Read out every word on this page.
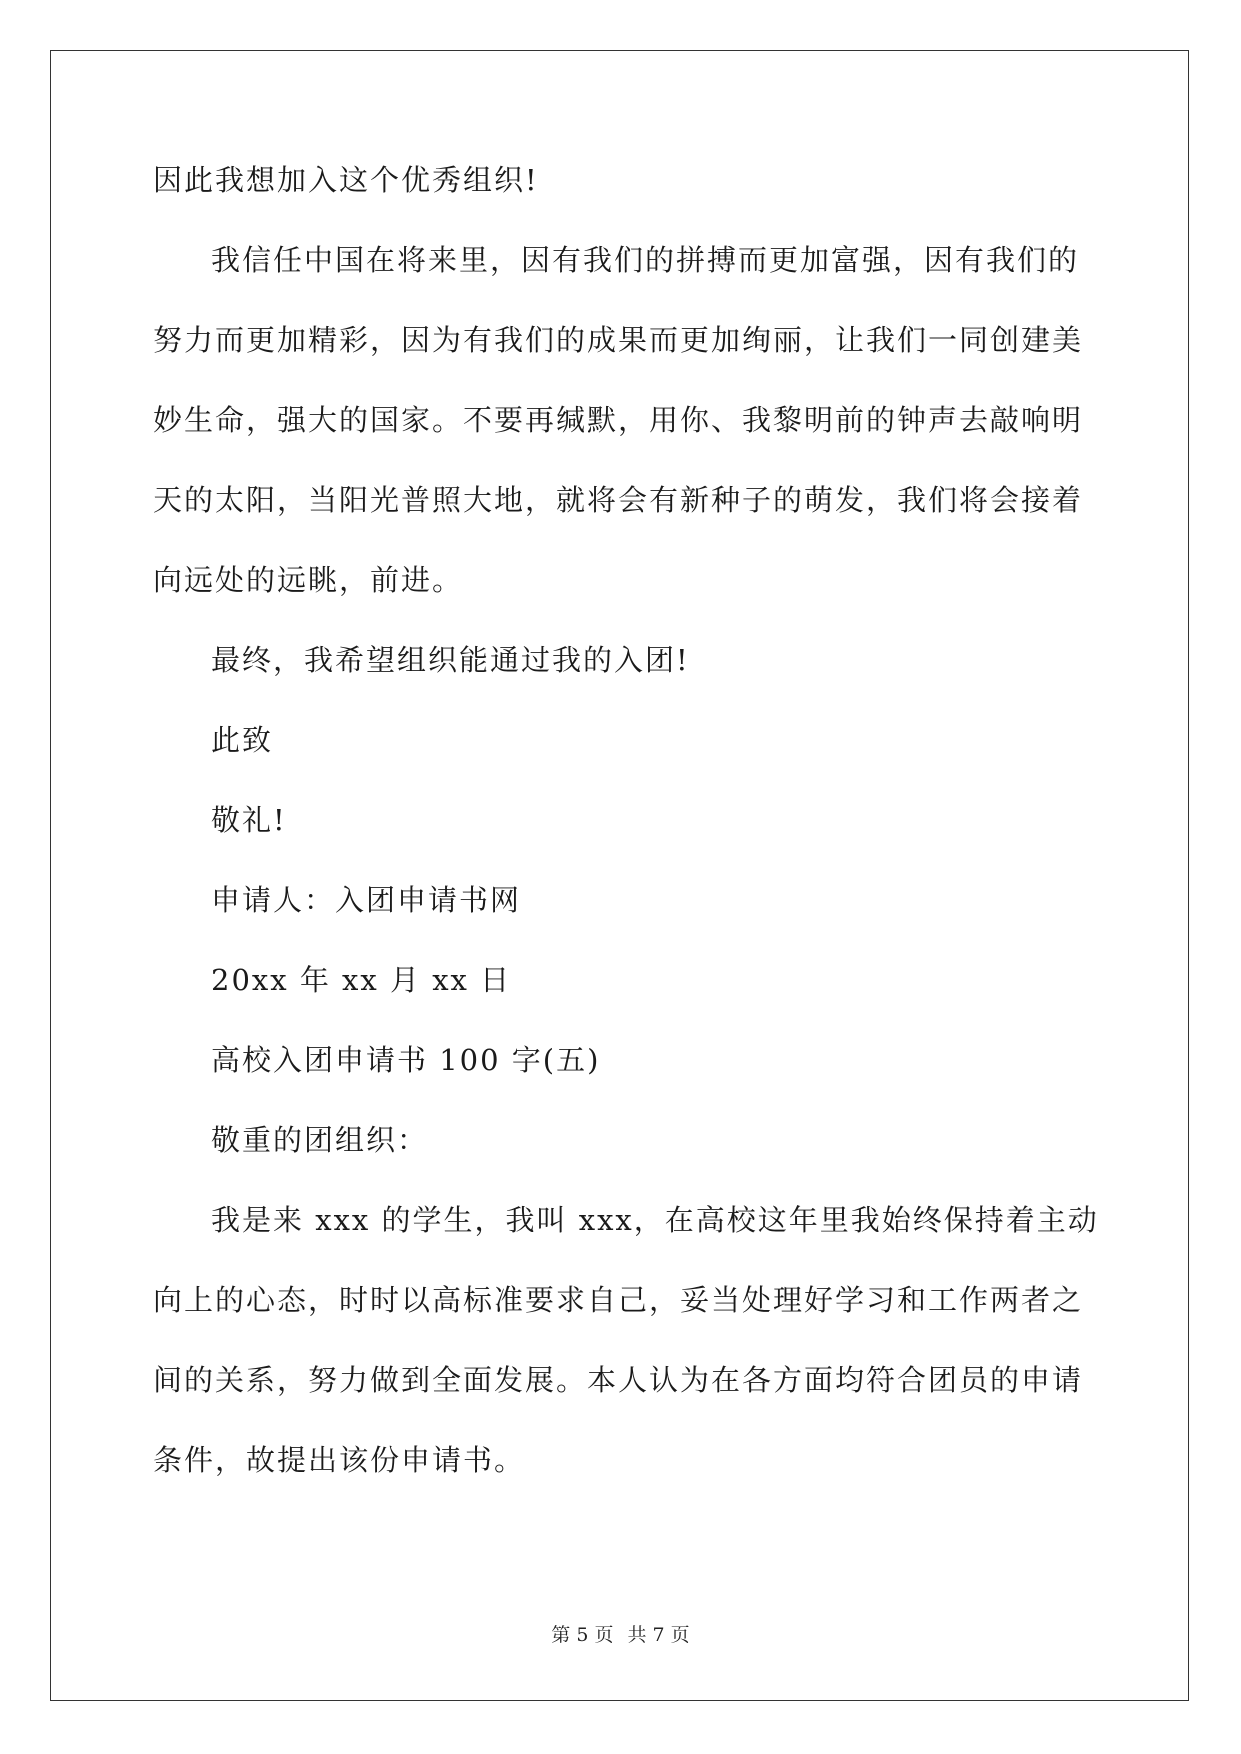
因此我想加入这个优秀组织!
我信任中国在将来里，因有我们的拼搏而更加富强，因有我们的
努力而更加精彩，因为有我们的成果而更加绚丽，让我们一同创建美
妙生命，强大的国家。不要再缄默，用你、我黎明前的钟声去敲响明
天的太阳，当阳光普照大地，就将会有新种子的萌发，我们将会接着
向远处的远眺，前进。
最终，我希望组织能通过我的入团!
此致
敬礼!
申请人：入团申请书网
20xx 年 xx 月 xx 日
高校入团申请书 100 字(五)
敬重的团组织：
我是来 xxx 的学生，我叫 xxx，在高校这年里我始终保持着主动
向上的心态，时时以高标准要求自己，妥当处理好学习和工作两者之
间的关系，努力做到全面发展。本人认为在各方面均符合团员的申请
条件，故提出该份申请书。
第 5 页 共 7 页
